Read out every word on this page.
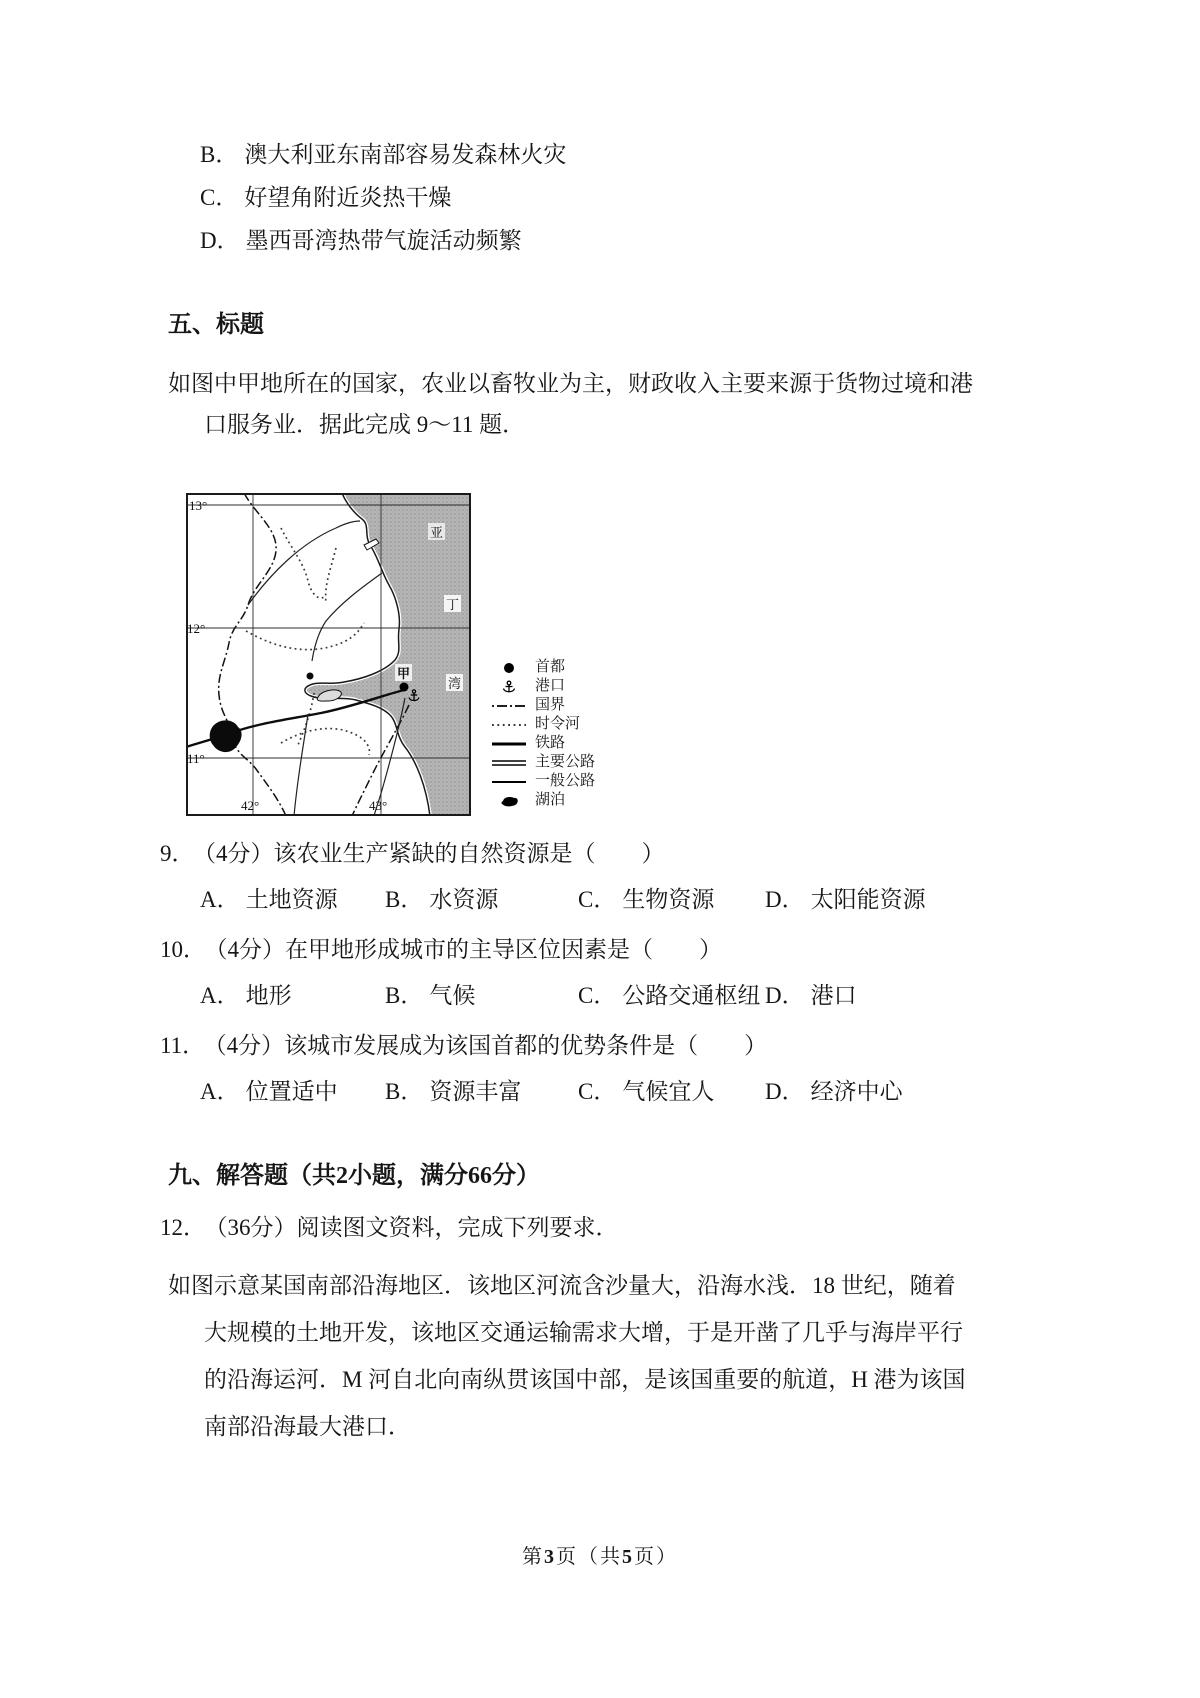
B． 澳大利亚东南部容易发森林火灾
C． 好望角附近炎热干燥
D． 墨西哥湾热带气旋活动频繁
五、标题
如图中甲地所在的国家，农业以畜牧业为主，财政收入主要来源于货物过境和港
口服务业．据此完成 9～11 题．
亚
丁
湾
甲
13°
12°
11°
42°	43°
首都
港口
国界
时令河
铁路
主要公路
一般公路
湖泊
9． （4分）该农业生产紧缺的自然资源是（　　）
A． 土地资源	B． 水资源	C． 生物资源	D． 太阳能资源
10． （4分）在甲地形成城市的主导区位因素是（　　）
A． 地形	B． 气候	C． 公路交通枢纽 D． 港口
11． （4分）该城市发展成为该国首都的优势条件是（　　）
A． 位置适中	B． 资源丰富	C． 气候宜人	D． 经济中心
九、解答题（共2小题，满分66分）
12． （36分）阅读图文资料，完成下列要求．
如图示意某国南部沿海地区．该地区河流含沙量大，沿海水浅．18 世纪，随着
大规模的土地开发，该地区交通运输需求大增，于是开凿了几乎与海岸平行
的沿海运河．M 河自北向南纵贯该国中部，是该国重要的航道，H 港为该国
南部沿海最大港口．
第3页（共5页）
